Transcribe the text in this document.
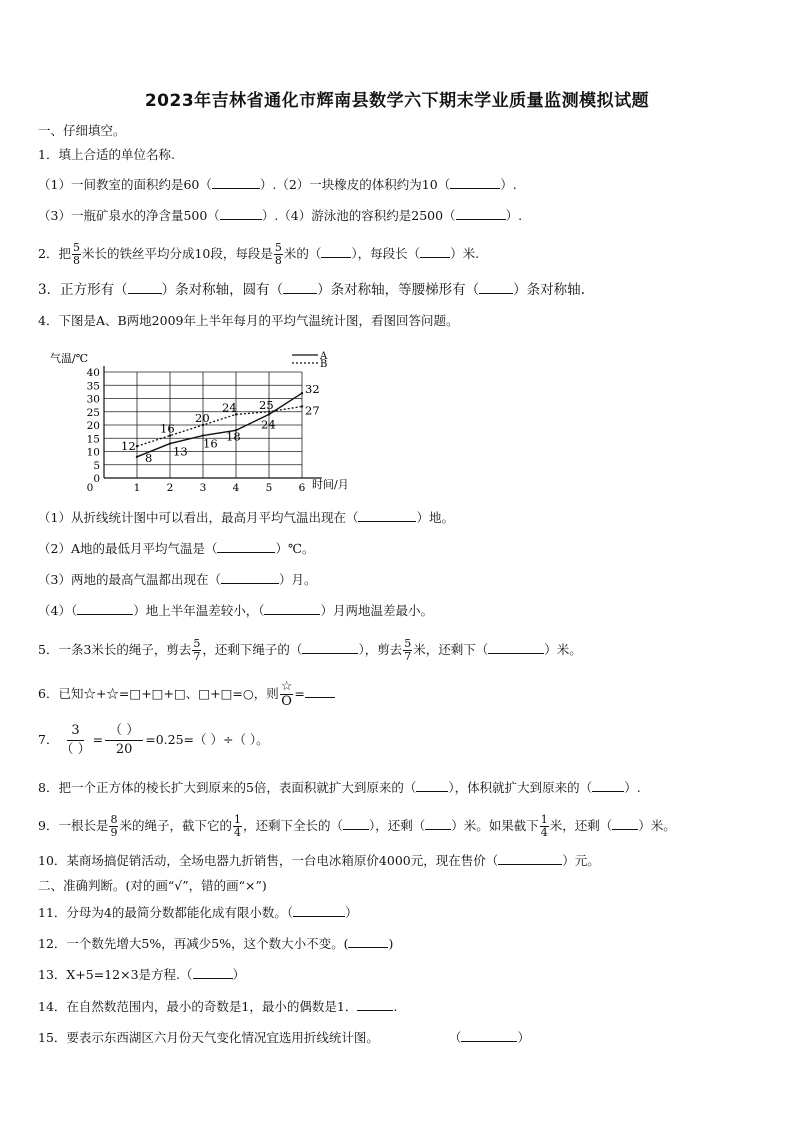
2023年吉林省通化市辉南县数学六下期末学业质量监测模拟试题
一、仔细填空。
1．填上合适的单位名称.
（1）一间教室的面积约是60（	）.（2）一块橡皮的体积约为10（	）.
（3）一瓶矿泉水的净含量500（	）.（4）游泳池的容积约是2500（	）.
2．把 $\frac{5}{8}$ 米长的铁丝平均分成10段，每段是 $\frac{5}{8}$ 米的（ ），每段长（ ）米.
3．正方形有（	）条对称轴，圆有（	）条对称轴，等腰梯形有（	）条对称轴.
4．下图是A、B两地2009年上半年每月的平均气温统计图，看图回答问题。
0
5
10
15
20
25
30
35
40
0	1	2	3	4	5	6
8 13
16
18
24
32
12
16
20
24 25	27
A
B
气温/℃
时间/月
（1）从折线统计图中可以看出，最高月平均气温出现在（	）地。
（2）A地的最低月平均气温是（	）℃。
（3）两地的最高气温都出现在（	）月。
（4）（	）地上半年温差较小，（	）月两地温差最小。
5．一条3米长的绳子，剪去 $\frac{5}{7}$ ，还剩下绳子的（	），剪去 $\frac{5}{7}$ 米，还剩下（	）米。
6．已知☆+☆=□+□+□、□+□=○，则 $\frac{☆}{O}$ =
7． $\frac{3}{( )} = \frac{( )}{20} =0.25=$（ ）÷（ ）。
8．把一个正方体的棱长扩大到原来的5倍，表面积就扩大到原来的（	），体积就扩大到原来的（	）.
9．一根长是 $\frac{8}{9}$ 米的绳子，截下它的 $\frac{1}{4}$ ，还剩下全长的（ ），还剩（ ）米。如果截下 $\frac{1}{4}$ 米，还剩（ ）米。
10．某商场搞促销活动，全场电器九折销售，一台电冰箱原价4000元，现在售价（	）元。
二、准确判断。(对的画“√”，错的画“×”)
11．分母为4的最简分数都能化成有限小数。（	）
12．一个数先增大5%，再减少5%，这个数大小不变。(	)
13．X+5=12×3是方程.（	）
14．在自然数范围内，最小的奇数是1，最小的偶数是1．	.
15．要表示东西湖区六月份天气变化情况宜选用折线统计图。	（	）
